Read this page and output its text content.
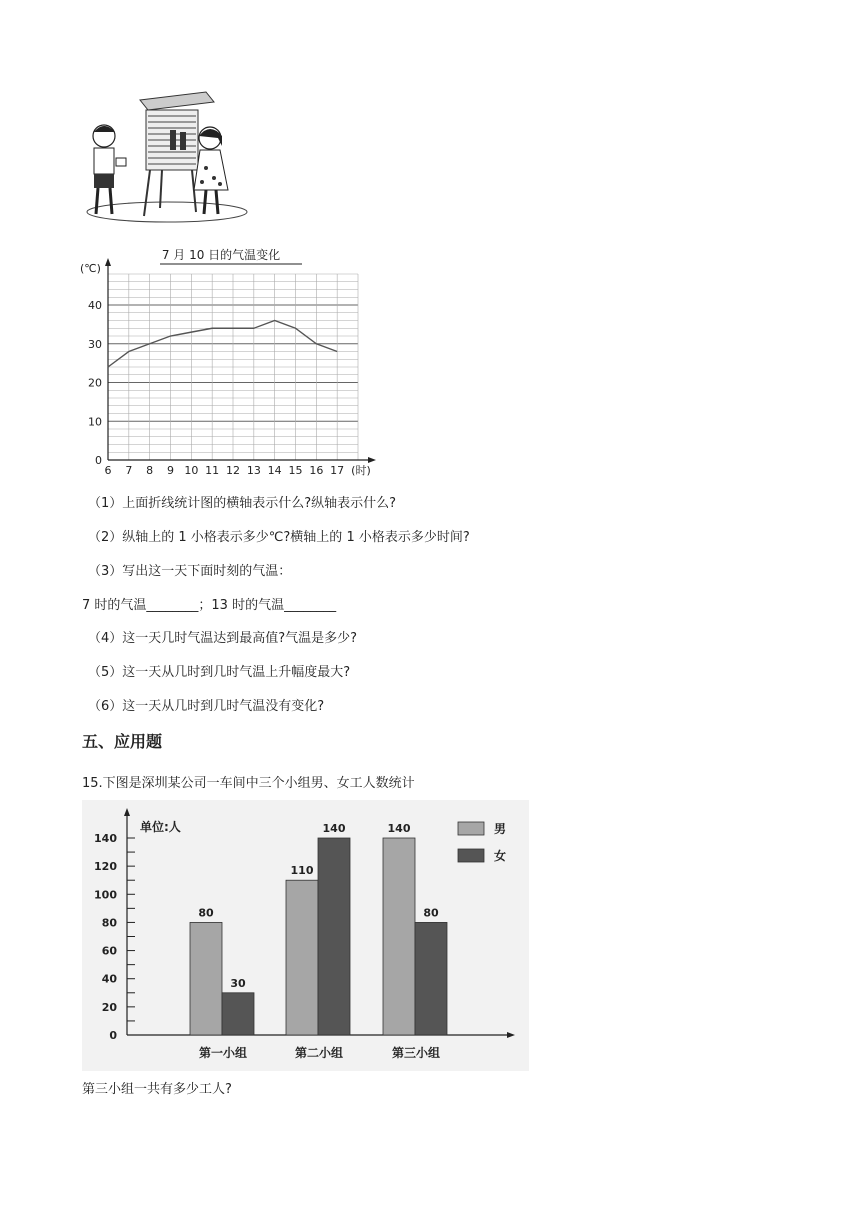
7 月 10 日的气温变化
0
10
20
30
40
(℃)
6 7 8 9 10 11 12 13 14 15 16 17 (时)
（1）上面折线统计图的横轴表示什么?纵轴表示什么?
（2）纵轴上的 1 小格表示多少℃?横轴上的 1 小格表示多少时间?
（3）写出这一天下面时刻的气温：
7 时的气温________；13 时的气温________
（4）这一天几时气温达到最高值?气温是多少?
（5）这一天从几时到几时气温上升幅度最大?
（6）这一天从几时到几时气温没有变化?
五、应用题
15.下图是深圳某公司一车间中三个小组男、女工人数统计
0
20
40
60
80
100
120
140
单位:人
80
30
第一小组
110
140
第二小组
140
80
第三小组
男
女
第三小组一共有多少工人?
